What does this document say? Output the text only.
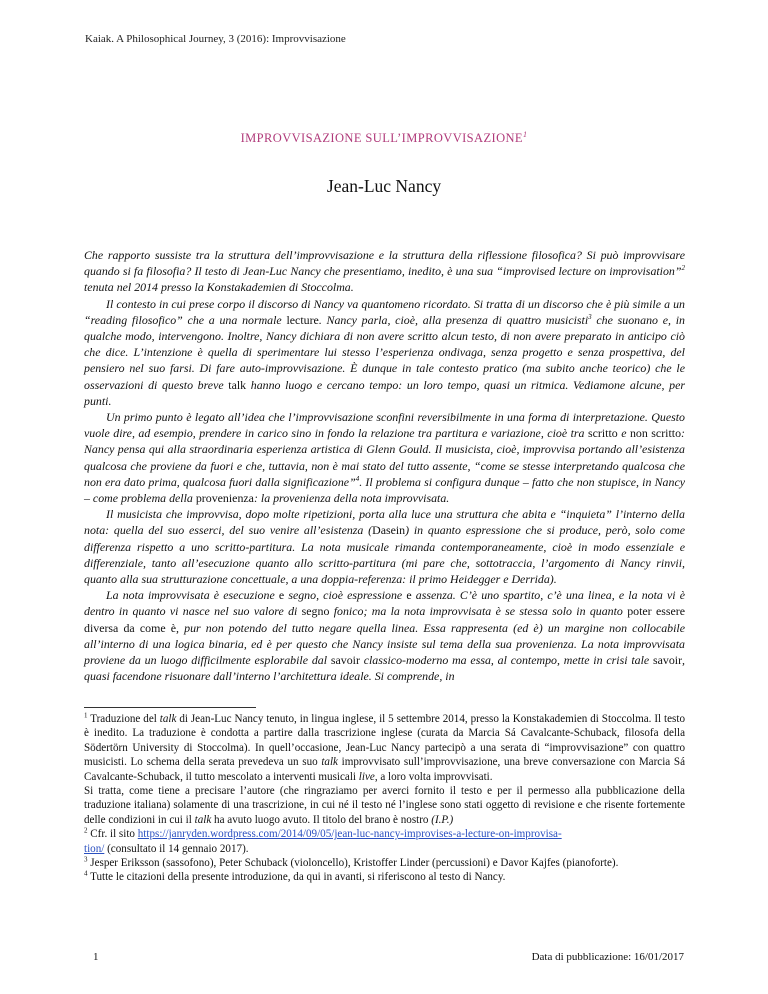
Kaiak. A Philosophical Journey, 3 (2016): Improvvisazione
IMPROVVISAZIONE SULL’IMPROVVISAZIONE$^1$
Jean-Luc Nancy

Che rapporto sussiste tra la struttura dell’improvvisazione e la struttura della riflessione filosofica? Si può improvvisare quando si fa filosofia? Il testo di Jean-Luc Nancy che presentiamo, inedito, è una sua “improvised lecture on improvisation”$^2$ tenuta nel 2014 presso la Konstakademien di Stoccolma.

Il contesto in cui prese corpo il discorso di Nancy va quantomeno ricordato. Si tratta di un discorso che è più simile a un “reading filosofico” che a una normale lecture. Nancy parla, cioè, alla presenza di quattro musicisti$^3$ che suonano e, in qualche modo, intervengono. Inoltre, Nancy dichiara di non avere scritto alcun testo, di non avere preparato in anticipo ciò che dice. L’intenzione è quella di sperimentare lui stesso l’esperienza ondivaga, senza progetto e senza prospettiva, del pensiero nel suo farsi. Di fare auto-improvvisazione. È dunque in tale contesto pratico (ma subito anche teorico) che le osservazioni di questo breve talk hanno luogo e cercano tempo: un loro tempo, quasi un ritmica. Vediamone alcune, per punti.

Un primo punto è legato all’idea che l’improvvisazione sconfini reversibilmente in una forma di interpretazione. Questo vuole dire, ad esempio, prendere in carico sino in fondo la relazione tra partitura e variazione, cioè tra scritto e non scritto: Nancy pensa qui alla straordinaria esperienza artistica di Glenn Gould. Il musicista, cioè, improvvisa portando all’esistenza qualcosa che proviene da fuori e che, tuttavia, non è mai stato del tutto assente, “come se stesse interpretando qualcosa che non era dato prima, qualcosa fuori dalla significazione”$^4$. Il problema si configura dunque – fatto che non stupisce, in Nancy – come problema della provenienza: la provenienza della nota improvvisata.

Il musicista che improvvisa, dopo molte ripetizioni, porta alla luce una struttura che abita e “inquieta” l’interno della nota: quella del suo esserci, del suo venire all’esistenza (Dasein) in quanto espressione che si produce, però, solo come differenza rispetto a uno scritto-partitura. La nota musicale rimanda contemporaneamente, cioè in modo essenziale e differenziale, tanto all’esecuzione quanto allo scritto-partitura (mi pare che, sottotraccia, l’argomento di Nancy rinvii, quanto alla sua strutturazione concettuale, a una doppia-referenza: il primo Heidegger e Derrida).

La nota improvvisata è esecuzione e segno, cioè espressione e assenza. C’è uno spartito, c’è una linea, e la nota vi è dentro in quanto vi nasce nel suo valore di segno fonico; ma la nota improvvisata è se stessa solo in quanto poter essere diversa da come è, pur non potendo del tutto negare quella linea. Essa rappresenta (ed è) un margine non collocabile all’interno di una logica binaria, ed è per questo che Nancy insiste sul tema della sua provenienza. La nota improvvisata proviene da un luogo difficilmente esplorabile dal savoir classico-moderno ma essa, al contempo, mette in crisi tale savoir, quasi facendone risuonare dall’interno l’architettura ideale. Si comprende, in

$^1$ Traduzione del talk di Jean-Luc Nancy tenuto, in lingua inglese, il 5 settembre 2014, presso la Konstakademien di Stoccolma. Il testo è inedito. La traduzione è condotta a partire dalla trascrizione inglese (curata da Marcia Sá Cavalcante-Schuback, filosofa della Södertörn University di Stoccolma). In quell’occasione, Jean-Luc Nancy partecipò a una serata di “improvvisazione” con quattro musicisti. Lo schema della serata prevedeva un suo talk improvvisato sull’improvvisazione, una breve conversazione con Marcia Sá Cavalcante-Schuback, il tutto mescolato a interventi musicali live, a loro volta improvvisati.

Si tratta, come tiene a precisare l’autore (che ringraziamo per averci fornito il testo e per il permesso alla pubblicazione della traduzione italiana) solamente di una trascrizione, in cui né il testo né l’inglese sono stati oggetto di revisione e che risente fortemente delle condizioni in cui il talk ha avuto luogo avuto. Il titolo del brano è nostro (I.P.)

$^2$ Cfr. il sito https://janryden.wordpress.com/2014/09/05/jean-luc-nancy-improvises-a-lecture-on-improvisa-
tion/ (consultato il 14 gennaio 2017).

$^3$ Jesper Eriksson (sassofono), Peter Schuback (violoncello), Kristoffer Linder (percussioni) e Davor Kajfes (pianoforte).

$^4$ Tutte le citazioni della presente introduzione, da qui in avanti, si riferiscono al testo di Nancy.

1	Data di pubblicazione: 16/01/2017
